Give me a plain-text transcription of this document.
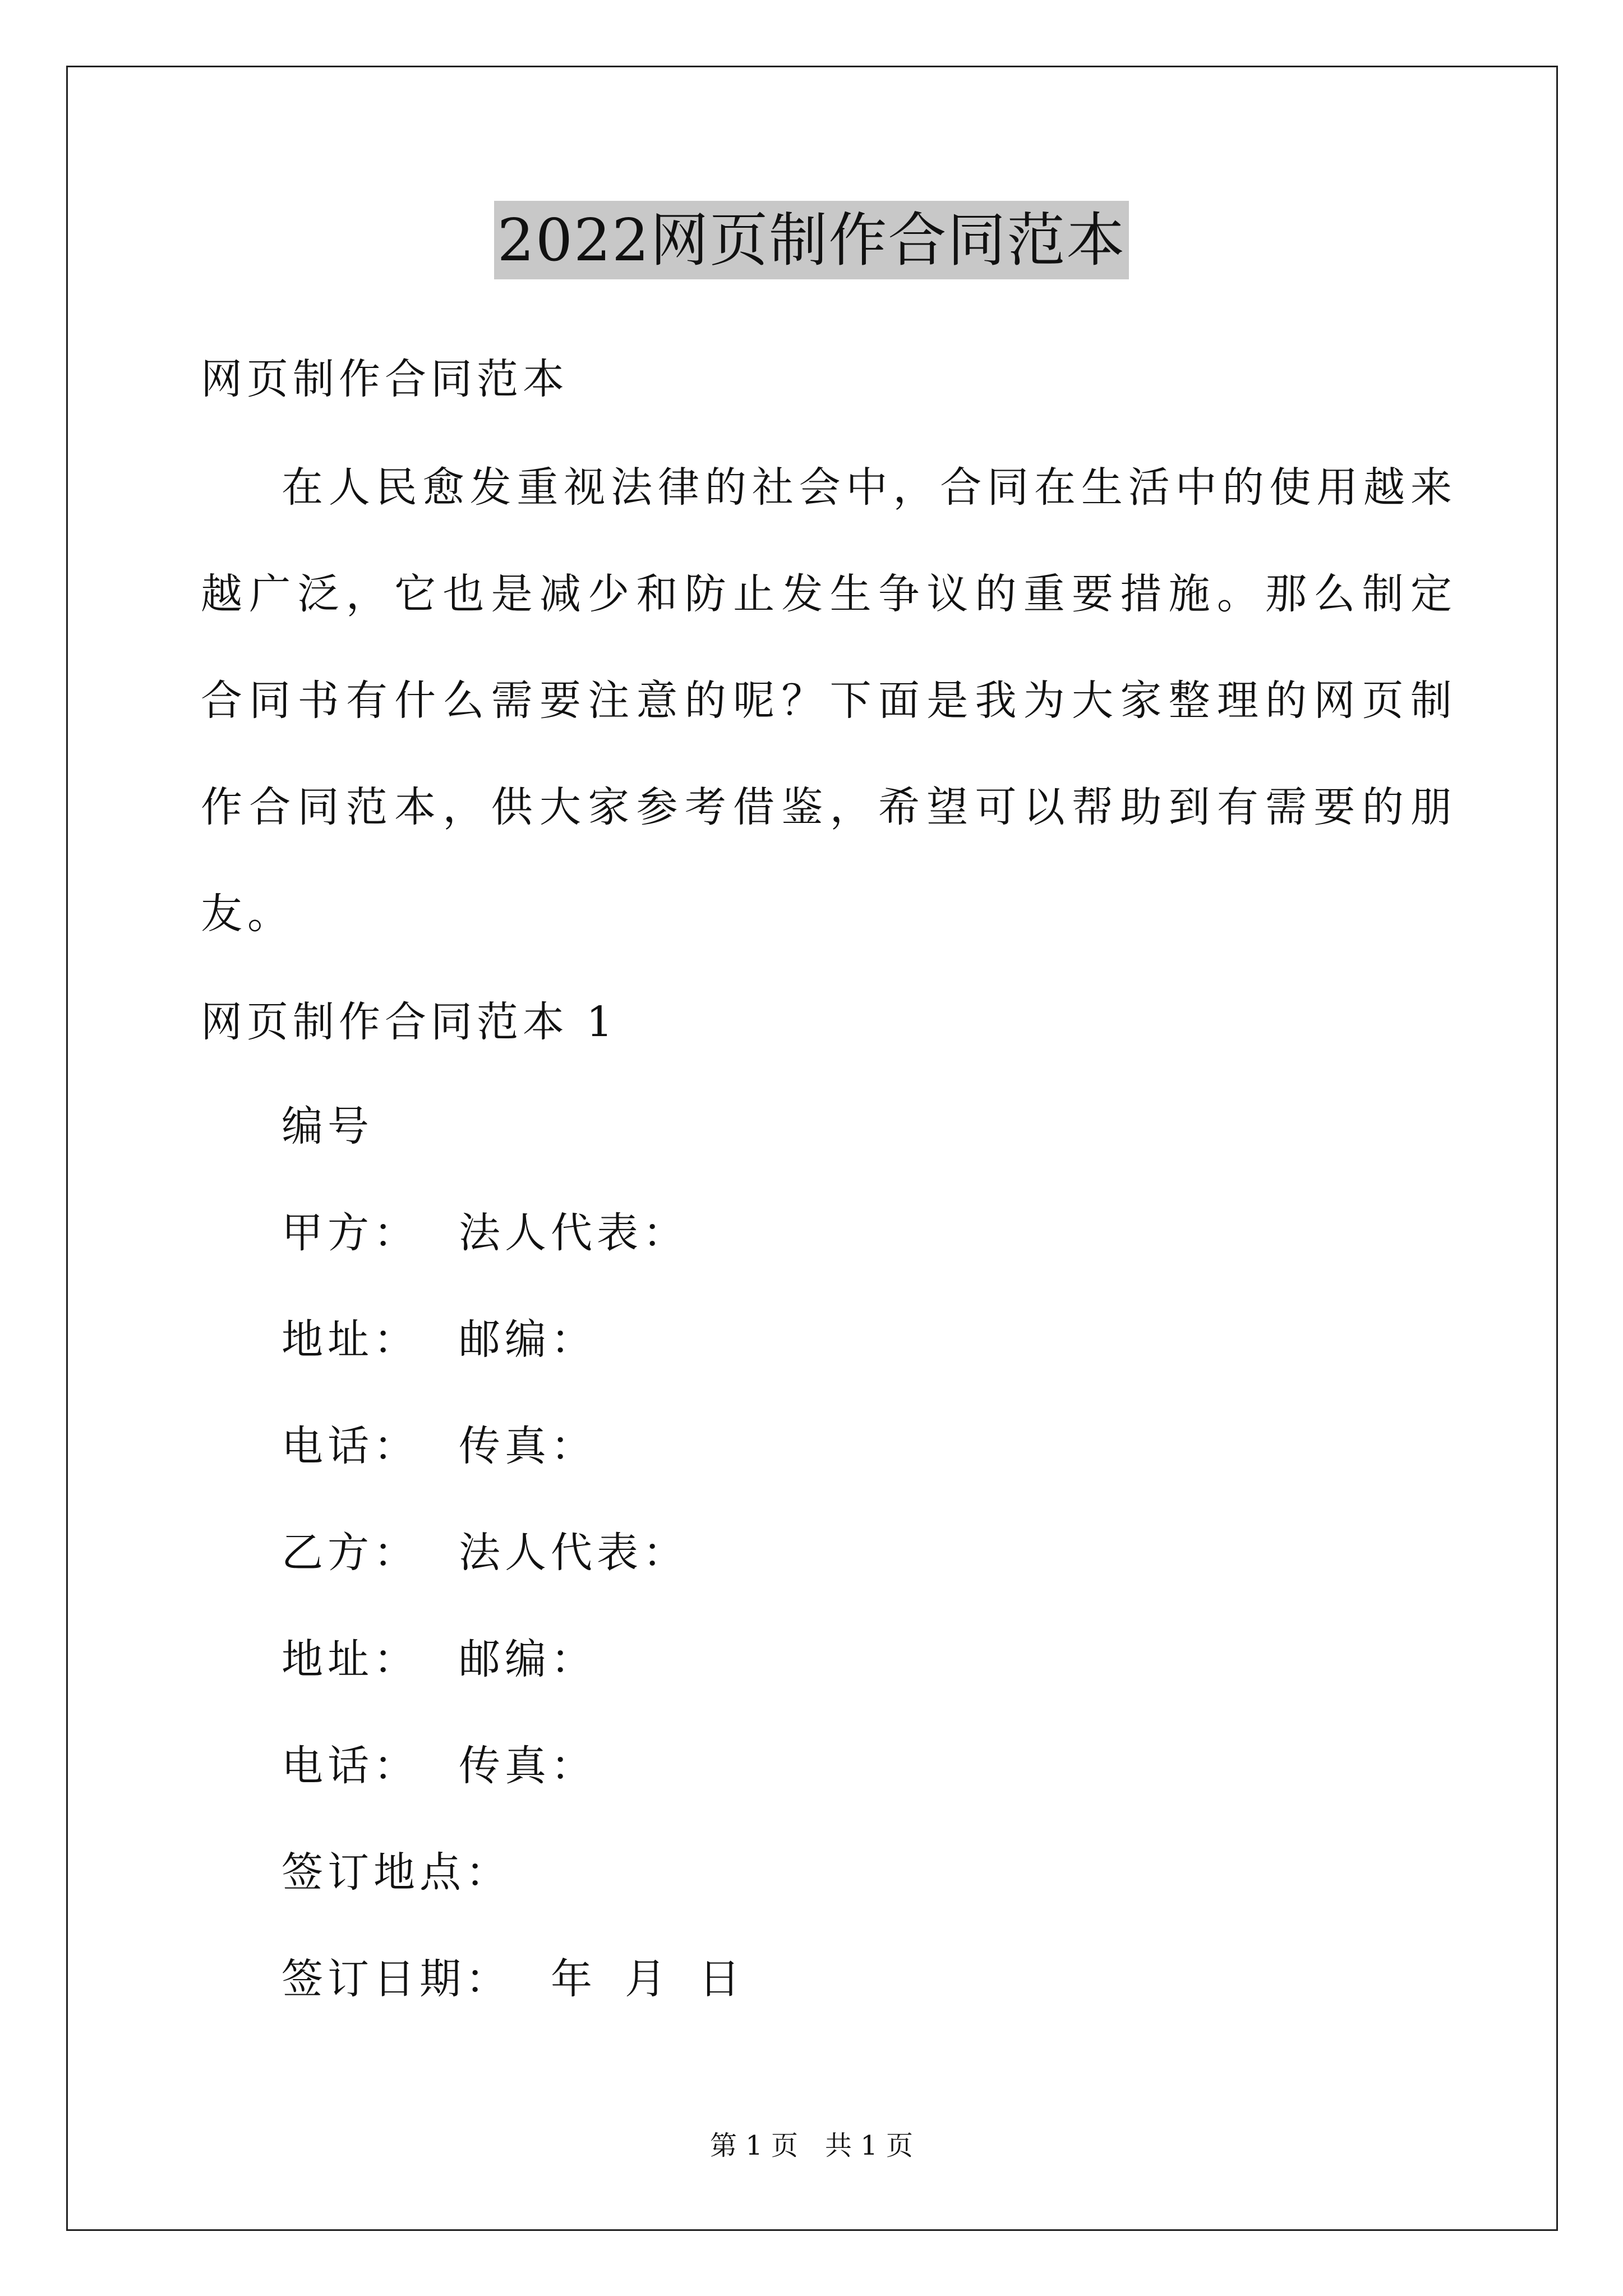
2022网页制作合同范本
网页制作合同范本

在人民愈发重视法律的社会中，合同在生活中的使用越来越广泛，它也是减少和防止发生争议的重要措施。那么制定合同书有什么需要注意的呢？下面是我为大家整理的网页制作合同范本，供大家参考借鉴，希望可以帮助到有需要的朋友。

网页制作合同范本 1
编号
甲方： 法人代表：
地址： 邮编：
电话： 传真：
乙方： 法人代表：
地址： 邮编：
电话： 传真：
签订地点：
签订日期： 年 月 日
第 1 页　共 1 页
